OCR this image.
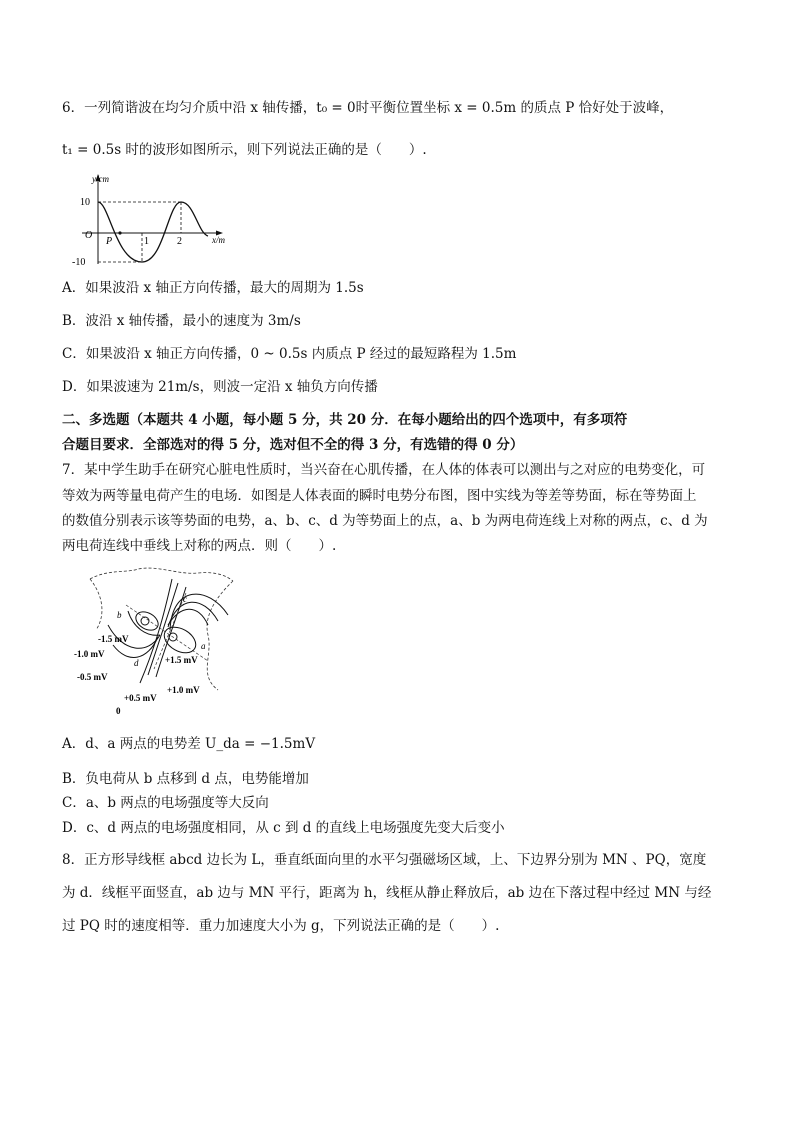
6．一列简谐波在均匀介质中沿 x 轴传播，t₀ = 0时平衡位置坐标 x = 0.5m 的质点 P 恰好处于波峰，
t₁ = 0.5s 时的波形如图所示，则下列说法正确的是（　　）.
y/cm
x/m
10
-10
O
P	1	2
A．如果波沿 x 轴正方向传播，最大的周期为 1.5s
B．波沿 x 轴传播，最小的速度为 3m/s
C．如果波沿 x 轴正方向传播，0 ~ 0.5s 内质点 P 经过的最短路程为 1.5m
D．如果波速为 21m/s，则波一定沿 x 轴负方向传播
二、多选题（本题共 4 小题，每小题 5 分，共 20 分．在每小题给出的四个选项中，有多项符
合题目要求．全部选对的得 5 分，选对但不全的得 3 分，有选错的得 0 分）
7．某中学生助手在研究心脏电性质时，当兴奋在心肌传播，在人体的体表可以测出与之对应的电势变化，可
等效为两等量电荷产生的电场．如图是人体表面的瞬时电势分布图，图中实线为等差等势面，标在等势面上
的数值分别表示该等势面的电势，a、b、c、d 为等势面上的点，a、b 为两电荷连线上对称的两点，c、d 为
两电荷连线中垂线上对称的两点．则（　　）.
b
c
a
d
-1.5 mV
-1.0 mV
-0.5 mV
+1.5 mV
+1.0 mV
+0.5 mV
0
A．d、a 两点的电势差 U_da = −1.5mV
B．负电荷从 b 点移到 d 点，电势能增加
C．a、b 两点的电场强度等大反向
D．c、d 两点的电场强度相同，从 c 到 d 的直线上电场强度先变大后变小
8．正方形导线框 abcd 边长为 L，垂直纸面向里的水平匀强磁场区域，上、下边界分别为 MN 、PQ，宽度
为 d．线框平面竖直，ab 边与 MN 平行，距离为 h，线框从静止释放后，ab 边在下落过程中经过 MN 与经
过 PQ 时的速度相等．重力加速度大小为 g，下列说法正确的是（　　）.
